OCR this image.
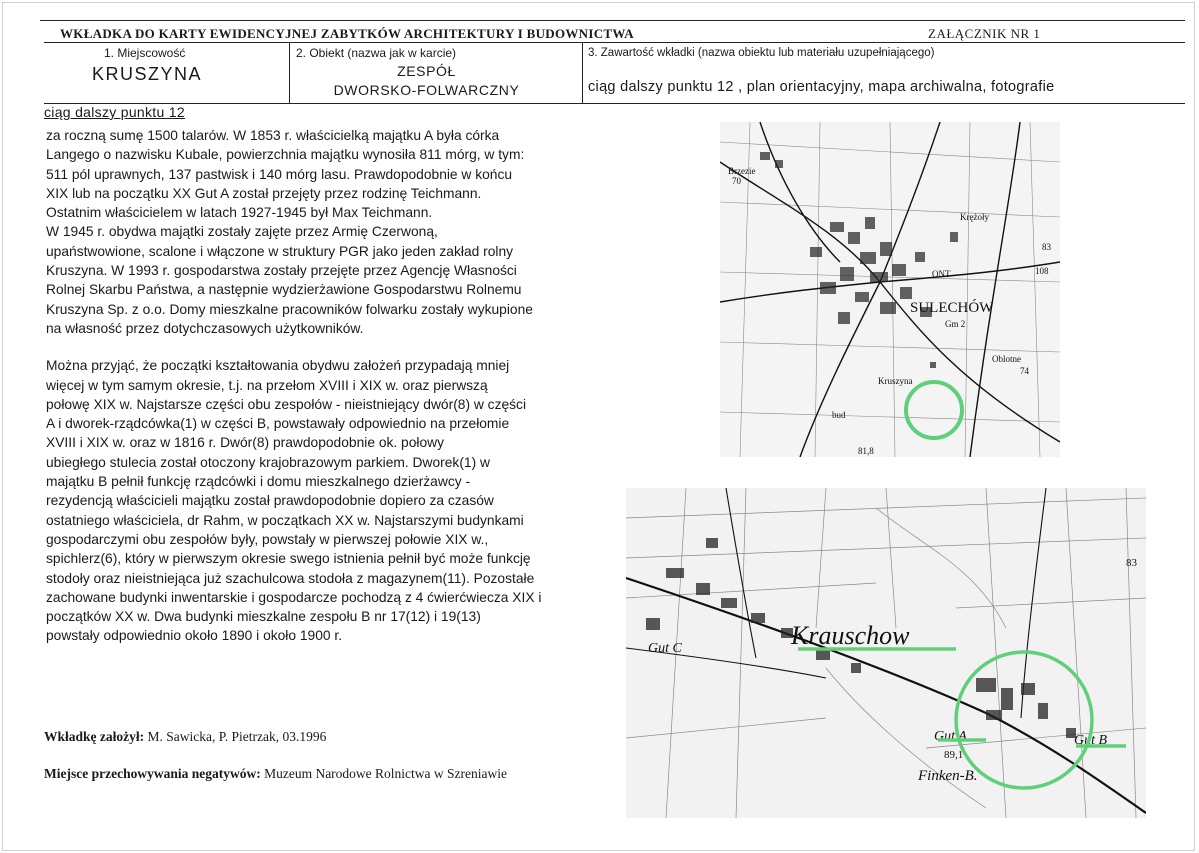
WKŁADKA DO KARTY EWIDENCYJNEJ ZABYTKÓW ARCHITEKTURY I BUDOWNICTWA	ZAŁĄCZNIK NR 1
1. Miejscowość
KRUSZYNA
2. Obiekt (nazwa jak w karcie)
ZESPÓŁ
DWORSKO-FOLWARCZNY
3. Zawartość wkładki (nazwa obiektu lub materiału uzupełniającego)
ciąg dalszy punktu 12 , plan orientacyjny, mapa archiwalna, fotografie
ciąg dalszy punktu 12
za roczną sumę 1500 talarów. W 1853 r. właścicielką majątku A była córka
Langego o nazwisku Kubale, powierzchnia majątku wynosiła 811 mórg, w tym:
511 pól uprawnych, 137 pastwisk i 140 mórg lasu. Prawdopodobnie w końcu
XIX lub na początku XX Gut A został przejęty przez rodzinę Teichmann.
Ostatnim właścicielem w latach 1927-1945 był Max Teichmann.
W 1945 r. obydwa majątki zostały zajęte przez Armię Czerwoną,
upaństwowione, scalone i włączone w struktury PGR jako jeden zakład rolny
Kruszyna. W 1993 r. gospodarstwa zostały przejęte przez Agencję Własności
Rolnej Skarbu Państwa, a następnie wydzierżawione Gospodarstwu Rolnemu
Kruszyna Sp. z o.o. Domy mieszkalne pracowników folwarku zostały wykupione
na własność przez dotychczasowych użytkowników.
Można przyjąć, że początki kształtowania obydwu założeń przypadają mniej
więcej w tym samym okresie, t.j. na przełom XVIII i XIX w. oraz pierwszą
połowę XIX w. Najstarsze części obu zespołów - nieistniejący dwór(8) w części
A i dworek-rządcówka(1) w części B, powstawały odpowiednio na przełomie
XVIII i XIX w. oraz w 1816 r. Dwór(8) prawdopodobnie ok. połowy
ubiegłego stulecia został otoczony krajobrazowym parkiem. Dworek(1) w
majątku B pełnił funkcję rządcówki i domu mieszkalnego dzierżawcy -
rezydencją właścicieli majątku został prawdopodobnie dopiero za czasów
ostatniego właściciela, dr Rahm, w początkach XX w. Najstarszymi budynkami
gospodarczymi obu zespołów były, powstały w pierwszej połowie XIX w.,
spichlerz(6), który w pierwszym okresie swego istnienia pełnił być może funkcję
stodoły oraz nieistniejąca już szachulcowa stodoła z magazynem(11). Pozostałe
zachowane budynki inwentarskie i gospodarcze pochodzą z 4 ćwierćwiecza XIX i
początków XX w. Dwa budynki mieszkalne zespołu B nr 17(12) i 19(13)
powstały odpowiednio około 1890 i około 1900 r.
Wkładkę założył: M. Sawicka, P. Pietrzak, 03.1996
Miejsce przechowywania negatywów: Muzeum Narodowe Rolnictwa w Szreniawie
Brzezie
70
Krężoły
ONT	108
83
SULECHÓW
Gm 2
Oblotne
74
Kruszyna
bud
81,8
Krauschow
Gut C
Gut A	Gut B
89,1
Finken-B.
83
